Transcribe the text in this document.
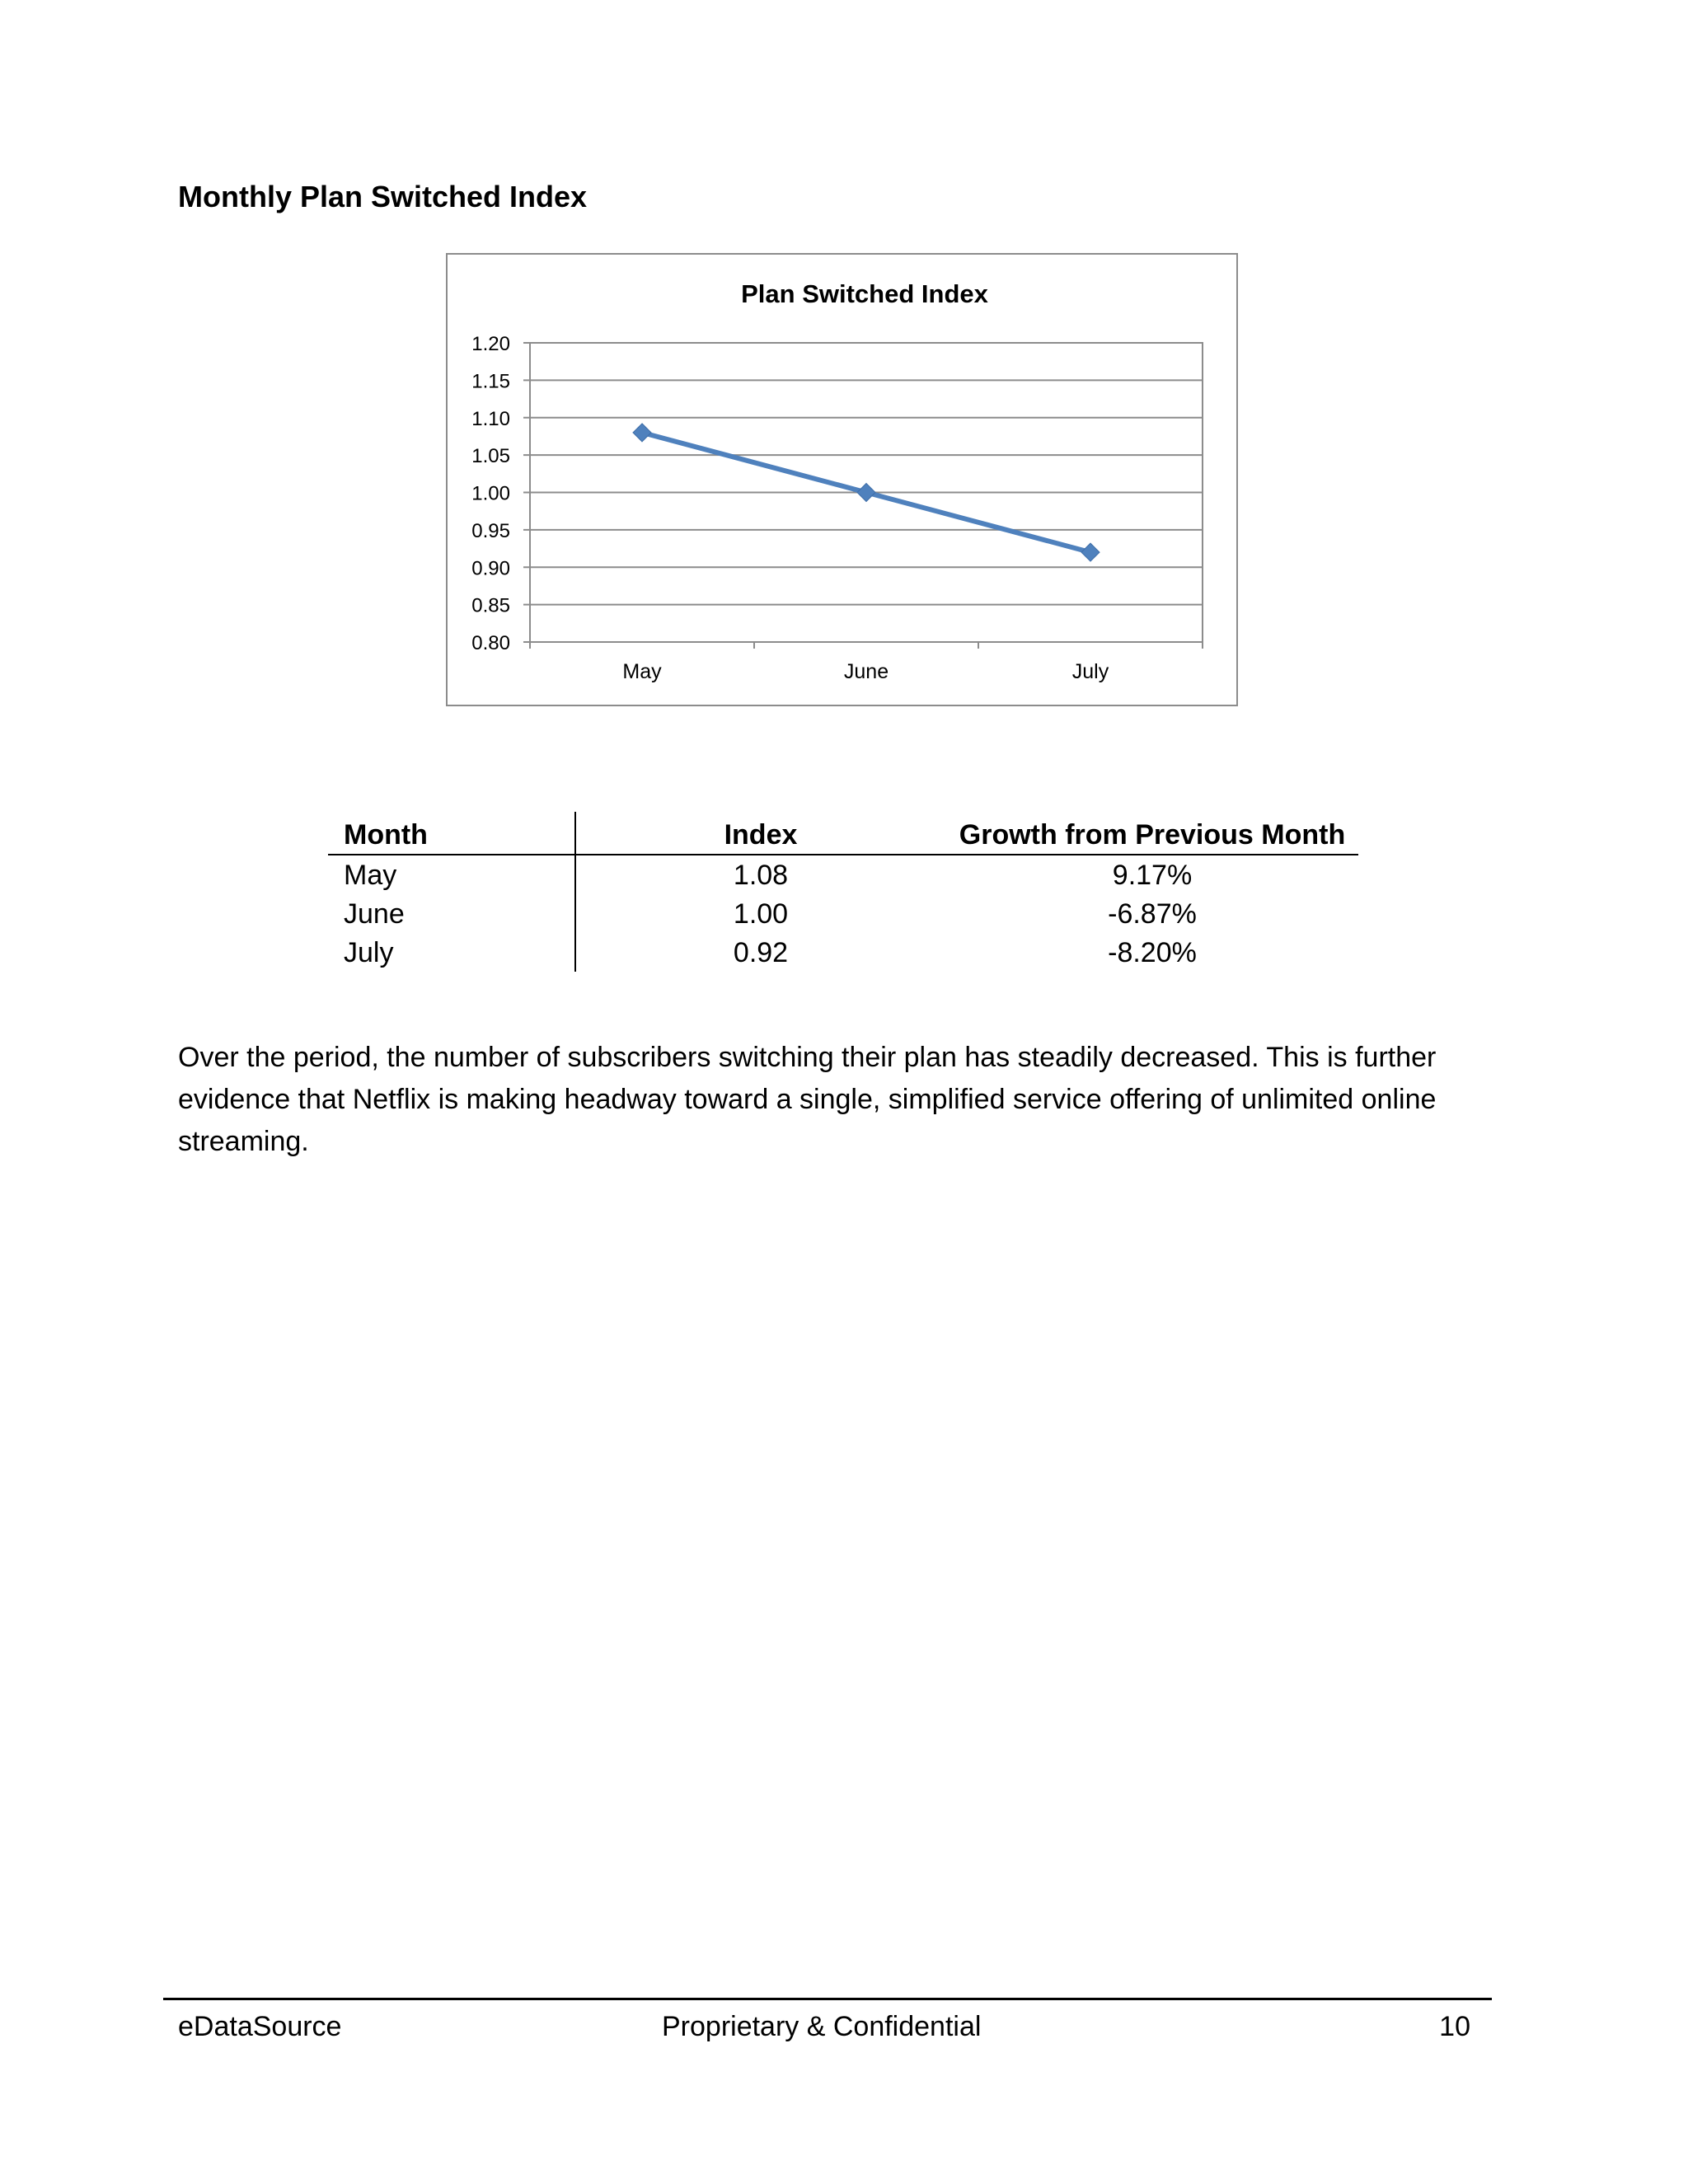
Monthly Plan Switched Index
Plan Switched Index
0.80
0.85
0.90
0.95
1.00
1.05
1.10
1.15
1.20
May	June	July
Month	Index	Growth from Previous Month
May	1.08	9.17%
June	1.00	-6.87%
July	0.92	-8.20%

Over the period, the number of subscribers switching their plan has steadily decreased. This is further evidence that Netflix is making headway toward a single, simplified service offering of unlimited online streaming.

eDataSource	Proprietary & Confidential	10
